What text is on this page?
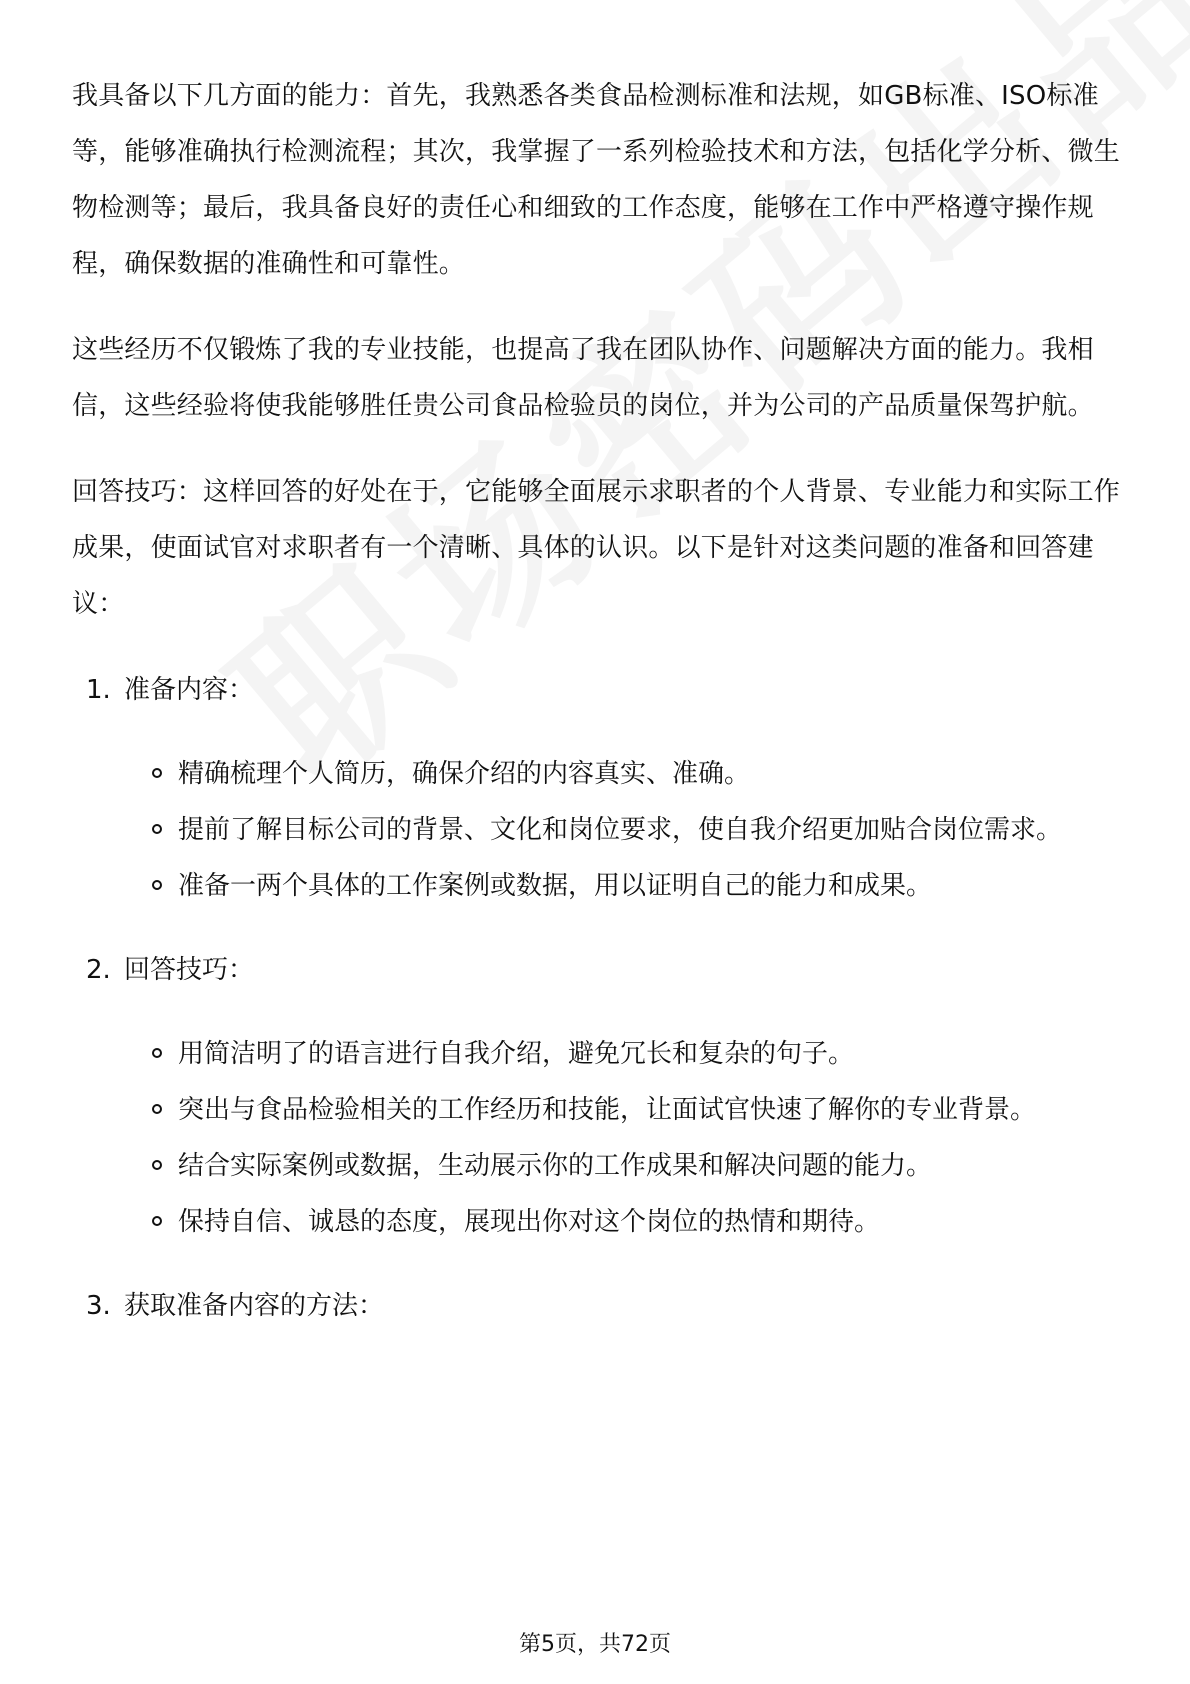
我具备以下几方面的能力：首先，我熟悉各类食品检测标准和法规，如GB标准、ISO标准等，能够准确执行检测流程；其次，我掌握了一系列检验技术和方法，包括化学分析、微生物检测等；最后，我具备良好的责任心和细致的工作态度，能够在工作中严格遵守操作规程，确保数据的准确性和可靠性。

这些经历不仅锻炼了我的专业技能，也提高了我在团队协作、问题解决方面的能力。我相信，这些经验将使我能够胜任贵公司食品检验员的岗位，并为公司的产品质量保驾护航。

回答技巧：这样回答的好处在于，它能够全面展示求职者的个人背景、专业能力和实际工作成果，使面试官对求职者有一个清晰、具体的认识。以下是针对这类问题的准备和回答建议：

1. 准备内容：
精确梳理个人简历，确保介绍的内容真实、准确。
提前了解目标公司的背景、文化和岗位要求，使自我介绍更加贴合岗位需求。
准备一两个具体的工作案例或数据，用以证明自己的能力和成果。
2. 回答技巧：
用简洁明了的语言进行自我介绍，避免冗长和复杂的句子。
突出与食品检验相关的工作经历和技能，让面试官快速了解你的专业背景。
结合实际案例或数据，生动展示你的工作成果和解决问题的能力。
保持自信、诚恳的态度，展现出你对这个岗位的热情和期待。
3. 获取准备内容的方法：
第5页，共72页
